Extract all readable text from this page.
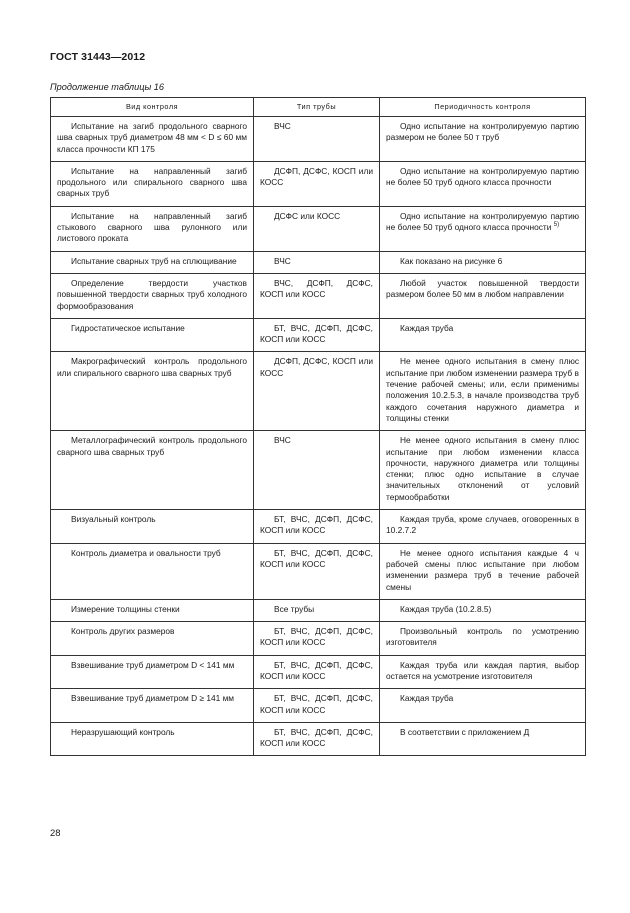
ГОСТ 31443—2012
Продолжение таблицы 16
Вид контроля	Тип трубы	Периодичность контроля

Испытание на загиб продольного сварного шва сварных труб диаметром 48 мм < D ≤ 60 мм класса прочности КП 175	ВЧС	Одно испытание на контролируемую партию размером не более 50 т труб

Испытание на направленный загиб продольного или спирального сварного шва сварных труб	ДСФП, ДСФС, КОСП или КОСС	Одно испытание на контролируемую партию не более 50 труб одного класса прочности

Испытание на направленный загиб стыкового сварного шва рулонного или листового проката	ДСФС или КОСС	Одно испытание на контролируемую партию не более 50 труб одного класса прочности $^{5)}$

Испытание сварных труб на сплющивание	ВЧС	Как показано на рисунке 6

Определение твердости участков повышенной твердости сварных труб холодного формообразования	ВЧС, ДСФП, ДСФС, КОСП или КОСС	Любой участок повышенной твердости размером более 50 мм в любом направлении

Гидростатическое испытание	БТ, ВЧС, ДСФП, ДСФС, КОСП или КОСС	Каждая труба

Макрографический контроль продольного или спирального сварного шва сварных труб	ДСФП, ДСФС, КОСП или КОСС	Не менее одного испытания в смену плюс испытание при любом изменении размера труб в течение рабочей смены; или, если применимы положения 10.2.5.3, в начале производства труб каждого сочетания наружного диаметра и толщины стенки

Металлографический контроль продольного сварного шва сварных труб	ВЧС	Не менее одного испытания в смену плюс испытание при любом изменении класса прочности, наружного диаметра или толщины стенки; плюс одно испытание в случае значительных отклонений от условий термообработки

Визуальный контроль	БТ, ВЧС, ДСФП, ДСФС, КОСП или КОСС	Каждая труба, кроме случаев, оговоренных в 10.2.7.2

Контроль диаметра и овальности труб	БТ, ВЧС, ДСФП, ДСФС, КОСП или КОСС	Не менее одного испытания каждые 4 ч рабочей смены плюс испытание при любом изменении размера труб в течение рабочей смены

Измерение толщины стенки	Все трубы	Каждая труба (10.2.8.5)

Контроль других размеров	БТ, ВЧС, ДСФП, ДСФС, КОСП или КОСС	Произвольный контроль по усмотрению изготовителя

Взвешивание труб диаметром D < 141 мм	БТ, ВЧС, ДСФП, ДСФС, КОСП или КОСС	Каждая труба или каждая партия, выбор остается на усмотрение изготовителя

Взвешивание труб диаметром D ≥ 141 мм	БТ, ВЧС, ДСФП, ДСФС, КОСП или КОСС	Каждая труба

Неразрушающий контроль	БТ, ВЧС, ДСФП, ДСФС, КОСП или КОСС	В соответствии с приложением Д
28
